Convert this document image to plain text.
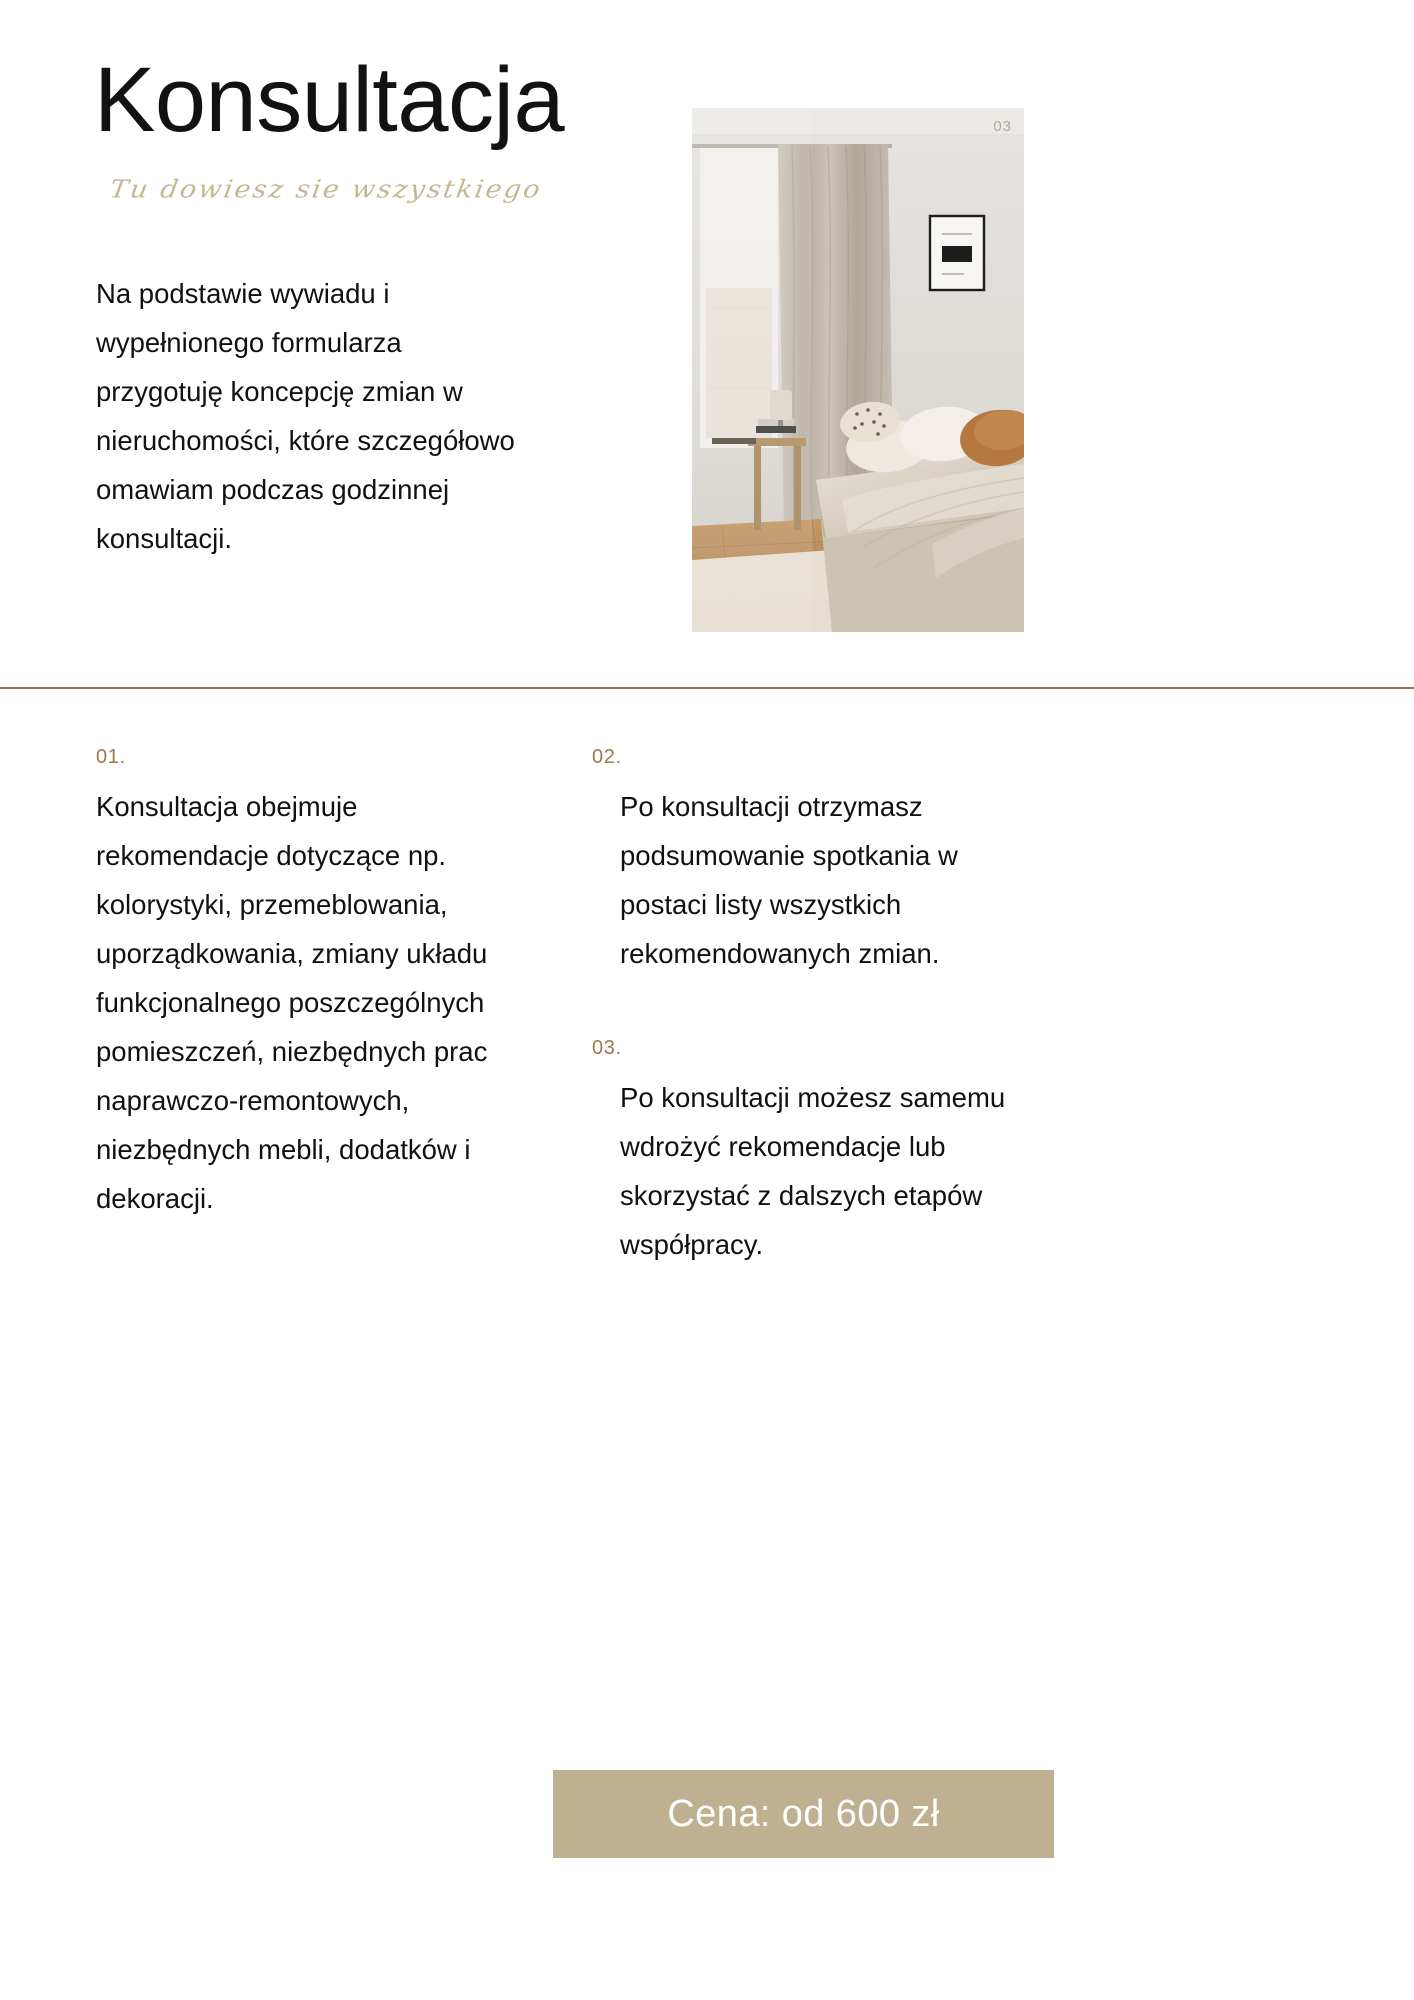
Konsultacja
Tu dowiesz sie wszystkiego

Na podstawie wywiadu i wypełnionego formularza przygotuję koncepcję zmian w nieruchomości, które szczegółowo omawiam podczas godzinnej konsultacji.

03
01.
Konsultacja obejmuje rekomendacje dotyczące np. kolorystyki, przemeblowania, uporządkowania, zmiany układu funkcjonalnego poszczególnych pomieszczeń, niezbędnych prac naprawczo-remontowych, niezbędnych mebli, dodatków i dekoracji.
02.
Po konsultacji otrzymasz podsumowanie spotkania w postaci listy wszystkich rekomendowanych zmian.
03.
Po konsultacji możesz samemu wdrożyć rekomendacje lub skorzystać z dalszych etapów współpracy.
Cena: od 600 zł
